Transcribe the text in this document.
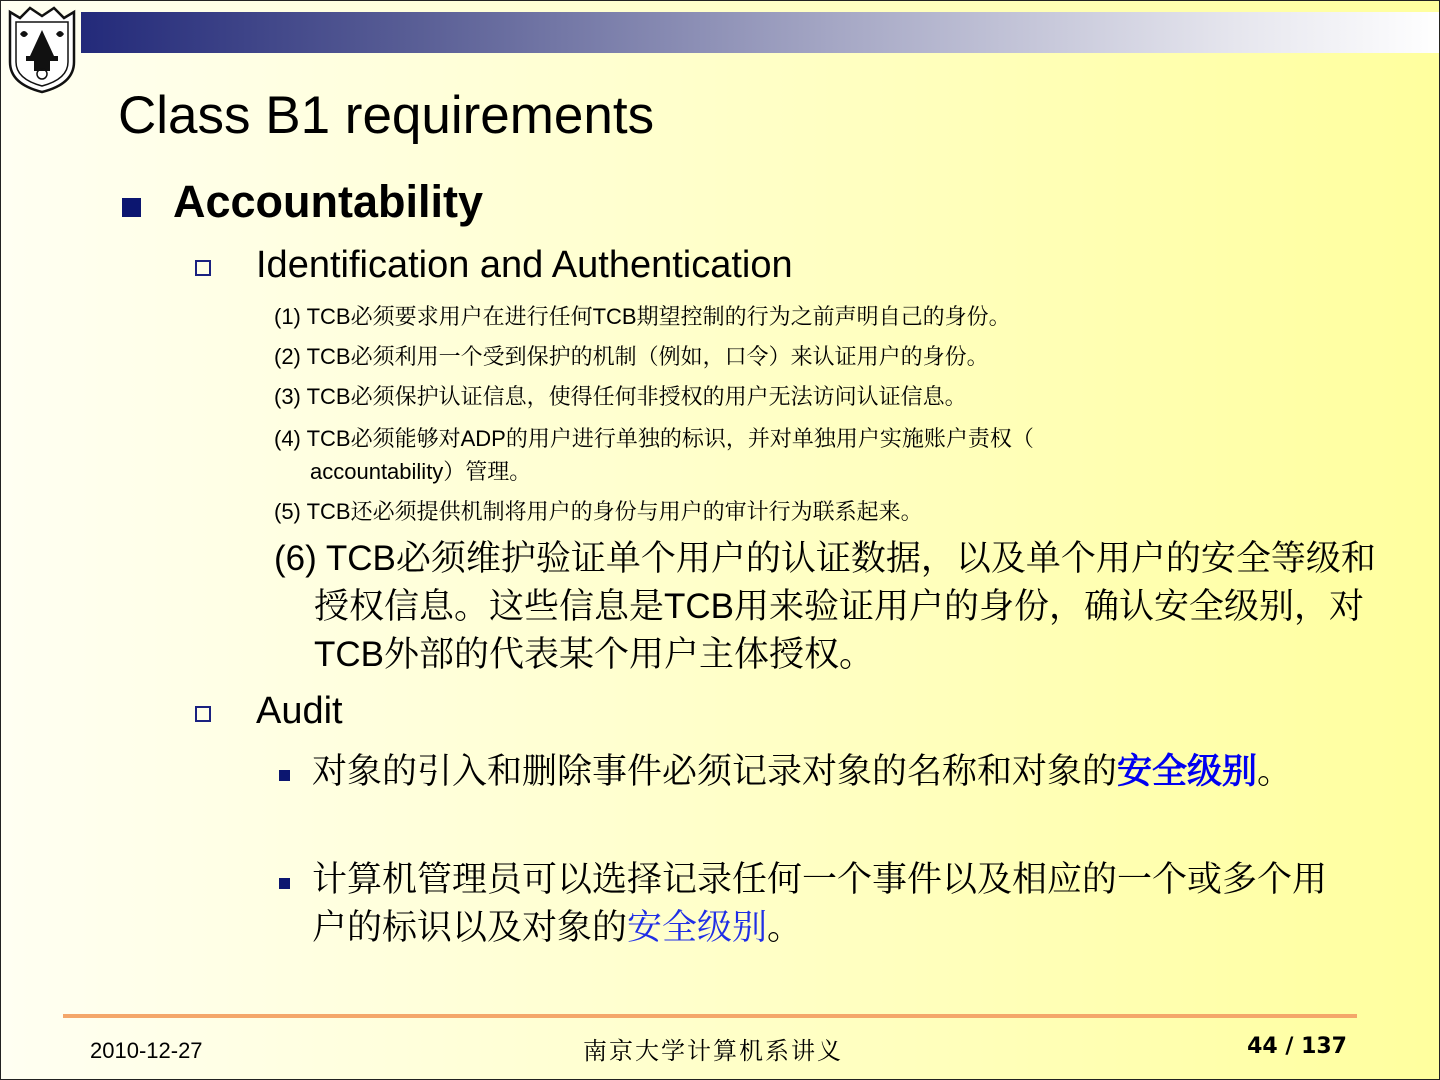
Class B1 requirements
Accountability
Identification and Authentication
(1) TCB必须要求用户在进行任何TCB期望控制的行为之前声明自己的身份。
(2) TCB必须利用一个受到保护的机制（例如，口令）来认证用户的身份。
(3) TCB必须保护认证信息，使得任何非授权的用户无法访问认证信息。
(4) TCB必须能够对ADP的用户进行单独的标识，并对单独用户实施账户责权（
accountability）管理。
(5) TCB还必须提供机制将用户的身份与用户的审计行为联系起来。
(6) TCB必须维护验证单个用户的认证数据，以及单个用户的安全等级和授权信息。这些信息是TCB用来验证用户的身份，确认安全级别，对TCB外部的代表某个用户主体授权。
Audit
对象的引入和删除事件必须记录对象的名称和对象的安全级别。
计算机管理员可以选择记录任何一个事件以及相应的一个或多个用户的标识以及对象的安全级别。
2010-12-27	南京大学计算机系讲义	44 / 137
